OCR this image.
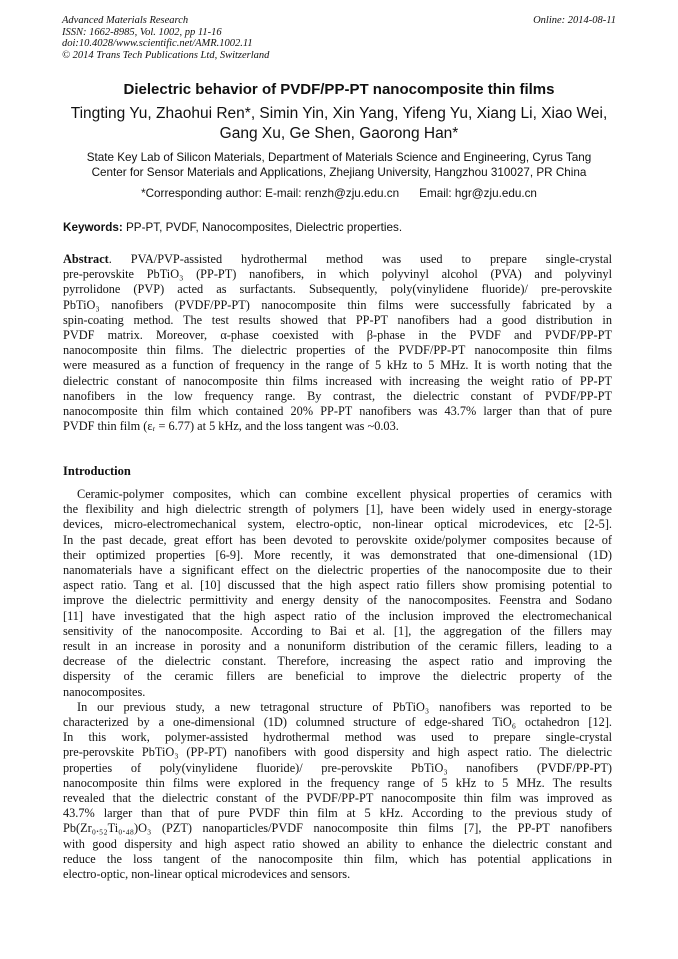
Advanced Materials Research
ISSN: 1662-8985, Vol. 1002, pp 11-16
doi:10.4028/www.scientific.net/AMR.1002.11
© 2014 Trans Tech Publications Ltd, Switzerland
Online: 2014-08-11
Dielectric behavior of PVDF/PP-PT nanocomposite thin films
Tingting Yu, Zhaohui Ren*, Simin Yin, Xin Yang, Yifeng Yu, Xiang Li, Xiao Wei,
Gang Xu, Ge Shen, Gaorong Han*
State Key Lab of Silicon Materials, Department of Materials Science and Engineering, Cyrus Tang
Center for Sensor Materials and Applications, Zhejiang University, Hangzhou 310027, PR China
*Corresponding author: E-mail: renzh@zju.edu.cn Email: hgr@zju.edu.cn
Keywords: PP-PT, PVDF, Nanocomposites, Dielectric properties.
Abstract. PVA/PVP-assisted hydrothermal method was used to prepare single-crystal
pre-perovskite PbTiO₃ (PP-PT) nanofibers, in which polyvinyl alcohol (PVA) and polyvinyl
pyrrolidone (PVP) acted as surfactants. Subsequently, poly(vinylidene fluoride)/ pre-perovskite
PbTiO₃ nanofibers (PVDF/PP-PT) nanocomposite thin films were successfully fabricated by a
spin-coating method. The test results showed that PP-PT nanofibers had a good distribution in
PVDF matrix. Moreover, α-phase coexisted with β-phase in the PVDF and PVDF/PP-PT
nanocomposite thin films. The dielectric properties of the PVDF/PP-PT nanocomposite thin films
were measured as a function of frequency in the range of 5 kHz to 5 MHz. It is worth noting that the
dielectric constant of nanocomposite thin films increased with increasing the weight ratio of PP-PT
nanofibers in the low frequency range. By contrast, the dielectric constant of PVDF/PP-PT
nanocomposite thin film which contained 20% PP-PT nanofibers was 43.7% larger than that of pure
PVDF thin film (εᵣ = 6.77) at 5 kHz, and the loss tangent was ~0.03.
Introduction
Ceramic-polymer composites, which can combine excellent physical properties of ceramics with
the flexibility and high dielectric strength of polymers [1], have been widely used in energy-storage
devices, micro-electromechanical system, electro-optic, non-linear optical microdevices, etc [2-5].
In the past decade, great effort has been devoted to perovskite oxide/polymer composites because of
their optimized properties [6-9]. More recently, it was demonstrated that one-dimensional (1D)
nanomaterials have a significant effect on the dielectric properties of the nanocomposite due to their
aspect ratio. Tang et al. [10] discussed that the high aspect ratio fillers show promising potential to
improve the dielectric permittivity and energy density of the nanocomposites. Feenstra and Sodano
[11] have investigated that the high aspect ratio of the inclusion improved the electromechanical
sensitivity of the nanocomposite. According to Bai et al. [1], the aggregation of the fillers may
result in an increase in porosity and a nonuniform distribution of the ceramic fillers, leading to a
decrease of the dielectric constant. Therefore, increasing the aspect ratio and improving the
dispersity of the ceramic fillers are beneficial to improve the dielectric property of the
nanocomposites.
In our previous study, a new tetragonal structure of PbTiO₃ nanofibers was reported to be
characterized by a one-dimensional (1D) columned structure of edge-shared TiO₆ octahedron [12].
In this work, polymer-assisted hydrothermal method was used to prepare single-crystal
pre-perovskite PbTiO₃ (PP-PT) nanofibers with good dispersity and high aspect ratio. The dielectric
properties of poly(vinylidene fluoride)/ pre-perovskite PbTiO₃ nanofibers (PVDF/PP-PT)
nanocomposite thin films were explored in the frequency range of 5 kHz to 5 MHz. The results
revealed that the dielectric constant of the PVDF/PP-PT nanocomposite thin film was improved as
43.7% larger than that of pure PVDF thin film at 5 kHz. According to the previous study of
Pb(Zr₀.₅₂Ti₀.₄₈)O₃ (PZT) nanoparticles/PVDF nanocomposite thin films [7], the PP-PT nanofibers
with good dispersity and high aspect ratio showed an ability to enhance the dielectric constant and
reduce the loss tangent of the nanocomposite thin film, which has potential applications in
electro-optic, non-linear optical microdevices and sensors.
